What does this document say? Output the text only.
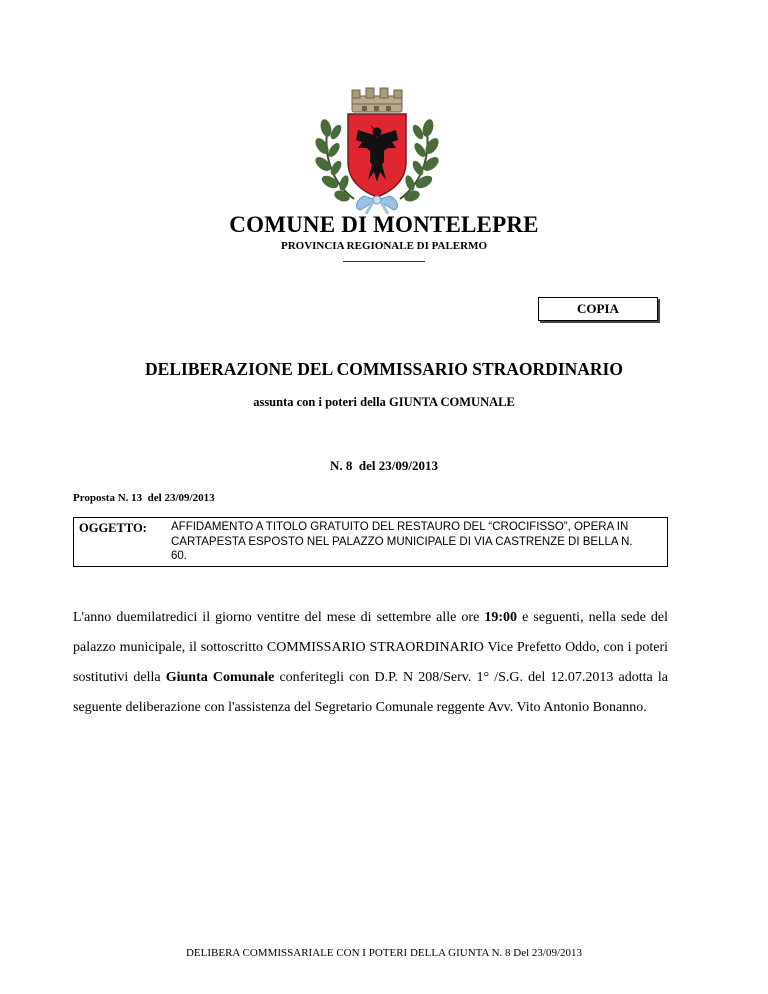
COMUNE DI MONTELEPRE
PROVINCIA REGIONALE DI PALERMO
COPIA
DELIBERAZIONE DEL COMMISSARIO STRAORDINARIO
assunta con i poteri della GIUNTA COMUNALE
N. 8  del 23/09/2013
Proposta N. 13  del 23/09/2013
OGGETTO: AFFIDAMENTO A TITOLO GRATUITO DEL RESTAURO DEL “CROCIFISSO”, OPERA IN CARTAPESTA ESPOSTO NEL PALAZZO MUNICIPALE DI VIA CASTRENZE DI BELLA N. 60.
L'anno duemilatredici il giorno ventitre del mese di settembre alle ore 19:00 e seguenti, nella sede del palazzo municipale, il sottoscritto COMMISSARIO STRAORDINARIO Vice Prefetto Oddo, con i poteri sostitutivi della Giunta Comunale conferitegli con D.P. N 208/Serv. 1° /S.G. del 12.07.2013 adotta la seguente deliberazione con l'assistenza del Segretario Comunale reggente Avv. Vito Antonio Bonanno.
DELIBERA COMMISSARIALE CON I POTERI DELLA GIUNTA N. 8 Del 23/09/2013
